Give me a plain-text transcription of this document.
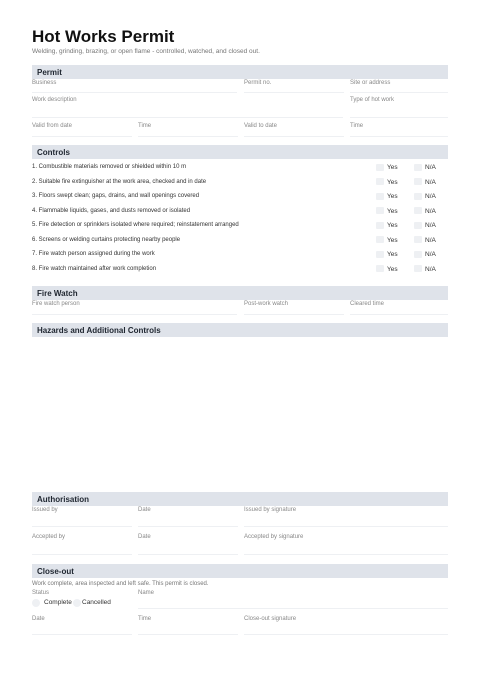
Hot Works Permit
Welding, grinding, brazing, or open flame - controlled, watched, and closed out.
Permit
Business	Permit no.	Site or address
Work description	Type of hot work
Valid from date	Time	Valid to date	Time
Controls
1. Combustible materials removed or shielded within 10 m	Yes	N/A
2. Suitable fire extinguisher at the work area, checked and in date	Yes	N/A
3. Floors swept clean; gaps, drains, and wall openings covered	Yes	N/A
4. Flammable liquids, gases, and dusts removed or isolated	Yes	N/A
5. Fire detection or sprinklers isolated where required; reinstatement arranged	Yes	N/A
6. Screens or welding curtains protecting nearby people	Yes	N/A
7. Fire watch person assigned during the work	Yes	N/A
8. Fire watch maintained after work completion	Yes	N/A
Fire Watch
Fire watch person	Post-work watch	Cleared time
Hazards and Additional Controls
Authorisation
Issued by	Date	Issued by signature
Accepted by	Date	Accepted by signature
Close-out
Work complete, area inspected and left safe. This permit is closed.
Status	Name
Complete Cancelled
Date	Time	Close-out signature
